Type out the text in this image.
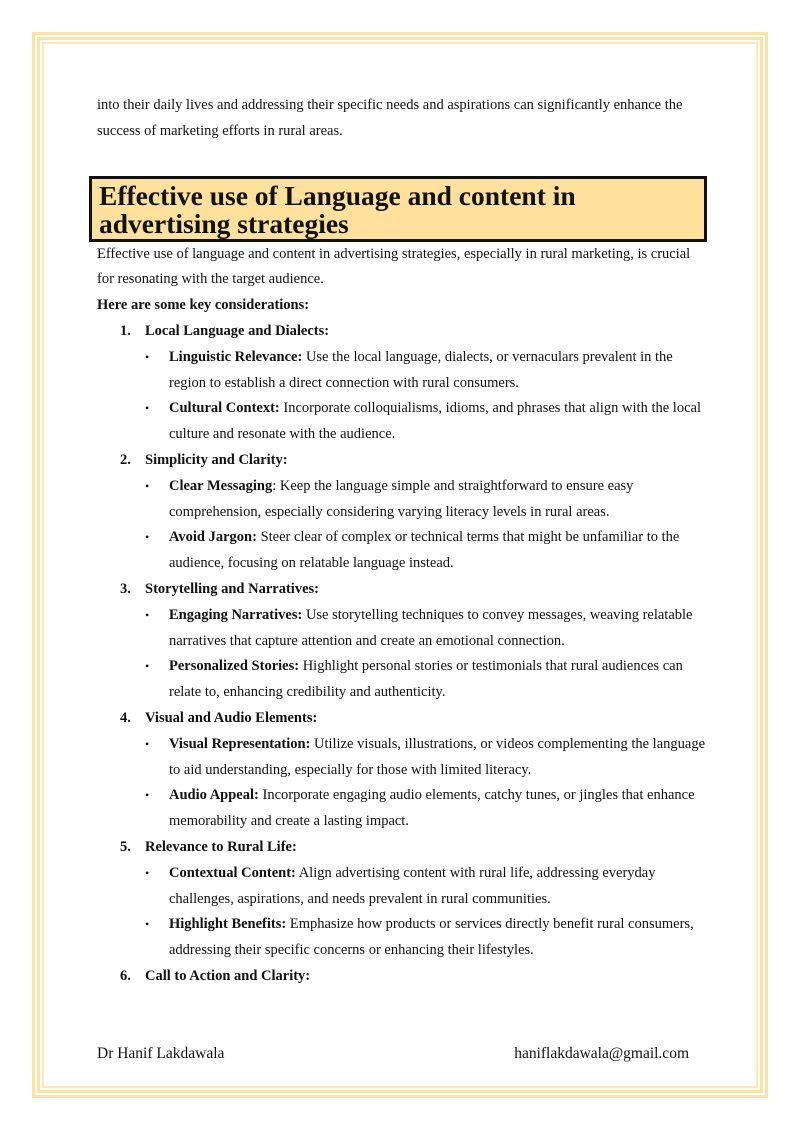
into their daily lives and addressing their specific needs and aspirations can significantly enhance the success of marketing efforts in rural areas.

Effective use of Language and content in advertising strategies

Effective use of language and content in advertising strategies, especially in rural marketing, is crucial for resonating with the target audience.

Here are some key considerations:

1. Local Language and Dialects:
• Linguistic Relevance: Use the local language, dialects, or vernaculars prevalent in the region to establish a direct connection with rural consumers.
• Cultural Context: Incorporate colloquialisms, idioms, and phrases that align with the local culture and resonate with the audience.
2. Simplicity and Clarity:
• Clear Messaging: Keep the language simple and straightforward to ensure easy comprehension, especially considering varying literacy levels in rural areas.
• Avoid Jargon: Steer clear of complex or technical terms that might be unfamiliar to the audience, focusing on relatable language instead.
3. Storytelling and Narratives:
• Engaging Narratives: Use storytelling techniques to convey messages, weaving relatable narratives that capture attention and create an emotional connection.
• Personalized Stories: Highlight personal stories or testimonials that rural audiences can relate to, enhancing credibility and authenticity.
4. Visual and Audio Elements:
• Visual Representation: Utilize visuals, illustrations, or videos complementing the language to aid understanding, especially for those with limited literacy.
• Audio Appeal: Incorporate engaging audio elements, catchy tunes, or jingles that enhance memorability and create a lasting impact.
5. Relevance to Rural Life:
• Contextual Content: Align advertising content with rural life, addressing everyday challenges, aspirations, and needs prevalent in rural communities.
• Highlight Benefits: Emphasize how products or services directly benefit rural consumers, addressing their specific concerns or enhancing their lifestyles.
6. Call to Action and Clarity:
Dr Hanif Lakdawala	haniflakdawala@gmail.com
